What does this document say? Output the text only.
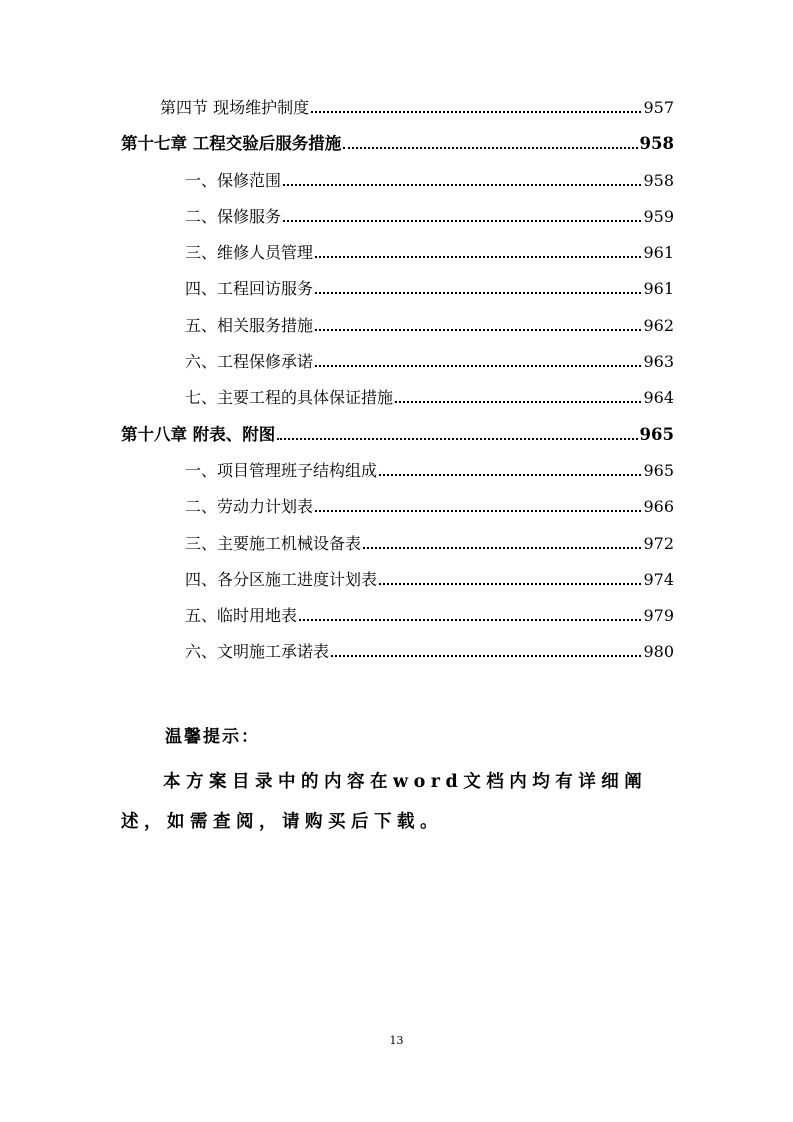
第四节 现场维护制度	957
第十七章 工程交验后服务措施	958
一、保修范围	958
二、保修服务	959
三、维修人员管理	961
四、工程回访服务	961
五、相关服务措施	962
六、工程保修承诺	963
七、主要工程的具体保证措施	964
第十八章 附表、附图	965
一、项目管理班子结构组成	965
二、劳动力计划表	966
三、主要施工机械设备表	972
四、各分区施工进度计划表	974
五、临时用地表	979
六、文明施工承诺表	980
温馨提示：
本方案目录中的内容在word文档内均有详细阐述，如需查阅，请购买后下载。
13
